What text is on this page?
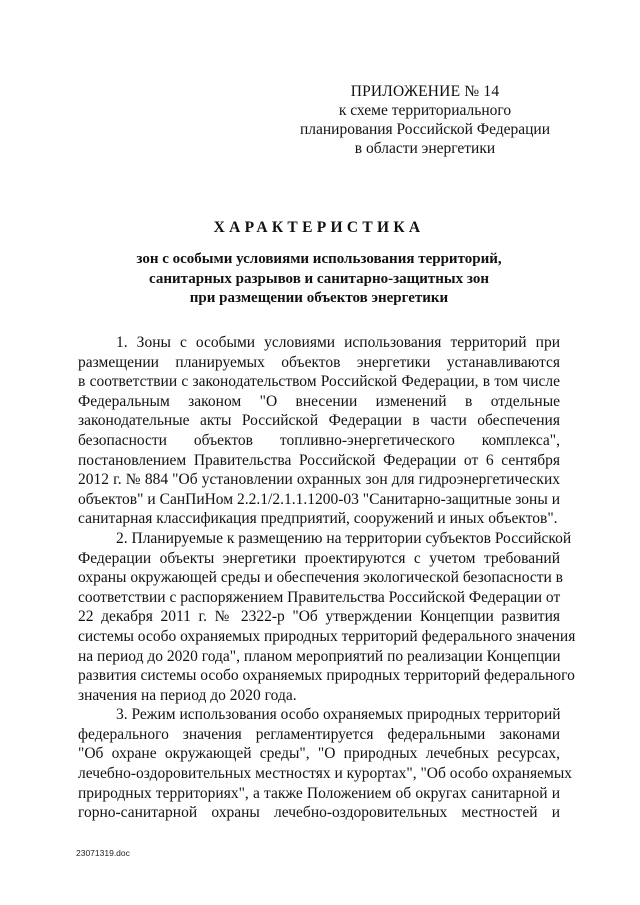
ПРИЛОЖЕНИЕ № 14
к схеме территориального
планирования Российской Федерации
в области энергетики
ХАРАКТЕРИСТИКА
зон с особыми условиями использования территорий,
санитарных разрывов и санитарно-защитных зон
при размещении объектов энергетики
1. Зоны с особыми условиями использования территорий при
размещении планируемых объектов энергетики устанавливаются
в соответствии с законодательством Российской Федерации, в том числе
Федеральным законом "О внесении изменений в отдельные
законодательные акты Российской Федерации в части обеспечения
безопасности объектов топливно-энергетического комплекса",
постановлением Правительства Российской Федерации от 6 сентября
2012 г. № 884 "Об установлении охранных зон для гидроэнергетических
объектов" и СанПиНом 2.2.1/2.1.1.1200-03 "Санитарно-защитные зоны и
санитарная классификация предприятий, сооружений и иных объектов".
2. Планируемые к размещению на территории субъектов Российской
Федерации объекты энергетики проектируются с учетом требований
охраны окружающей среды и обеспечения экологической безопасности в
соответствии с распоряжением Правительства Российской Федерации от
22 декабря 2011 г. № 2322-р "Об утверждении Концепции развития
системы особо охраняемых природных территорий федерального значения
на период до 2020 года", планом мероприятий по реализации Концепции
развития системы особо охраняемых природных территорий федерального
значения на период до 2020 года.
3. Режим использования особо охраняемых природных территорий
федерального значения регламентируется федеральными законами
"Об охране окружающей среды", "О природных лечебных ресурсах,
лечебно-оздоровительных местностях и курортах", "Об особо охраняемых
природных территориях", а также Положением об округах санитарной и
горно-санитарной охраны лечебно-оздоровительных местностей и
23071319.doc
